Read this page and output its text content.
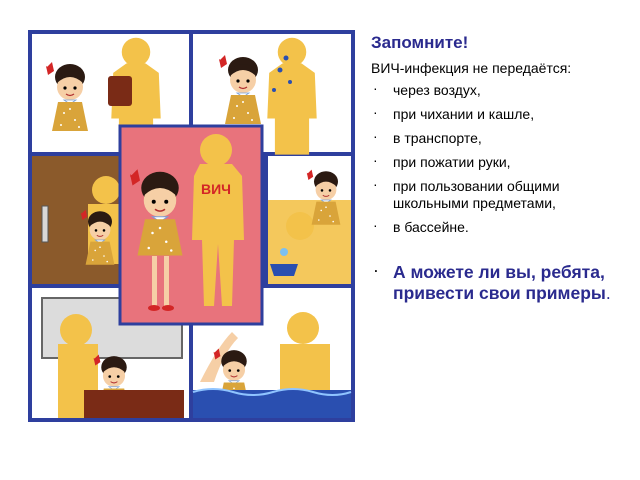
ВИЧ
Запомните!
ВИЧ-инфекция не передаётся:
· через воздух,
· при чихании и кашле,
· в транспорте,
· при пожатии руки,
· при пользовании общими школьными предметами,
· в бассейне.
· А можете ли вы, ребята, привести свои примеры.
